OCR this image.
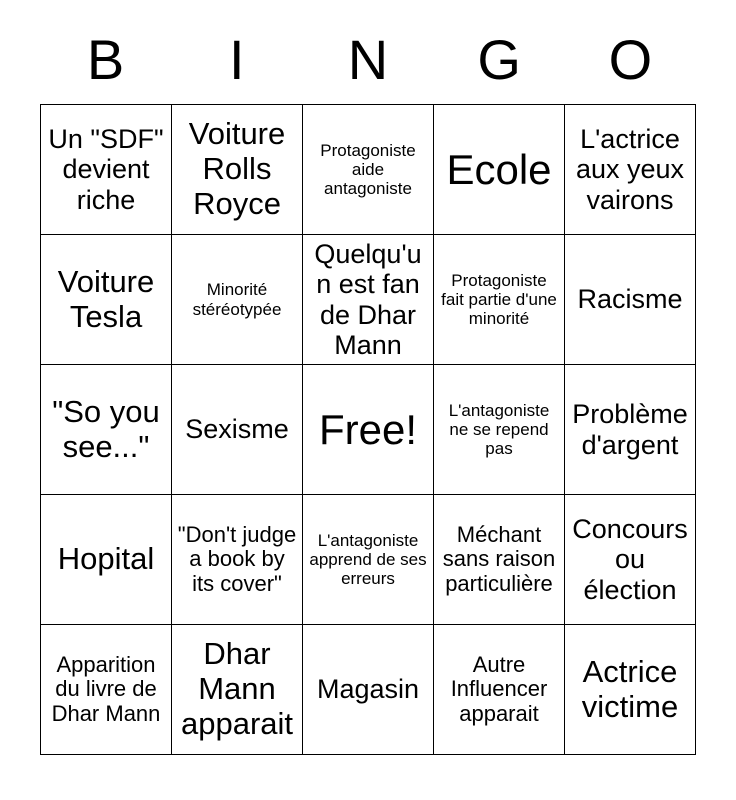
B	I	N	G	O
Un "SDF" devient riche	Voiture Rolls Royce	Protagoniste aide antagoniste	Ecole	L'actrice aux yeux vairons
Voiture Tesla	Minorité stéréotypée	Quelqu'un est fan de Dhar Mann	Protagoniste fait partie d'une minorité	Racisme
"So you see..."	Sexisme	Free!	L'antagoniste ne se repend pas	Problème d'argent
Hopital	"Don't judge a book by its cover"	L'antagoniste apprend de ses erreurs	Méchant sans raison particulière	Concours ou élection
Apparition du livre de Dhar Mann	Dhar Mann apparait	Magasin	Autre Influencer apparait	Actrice victime
